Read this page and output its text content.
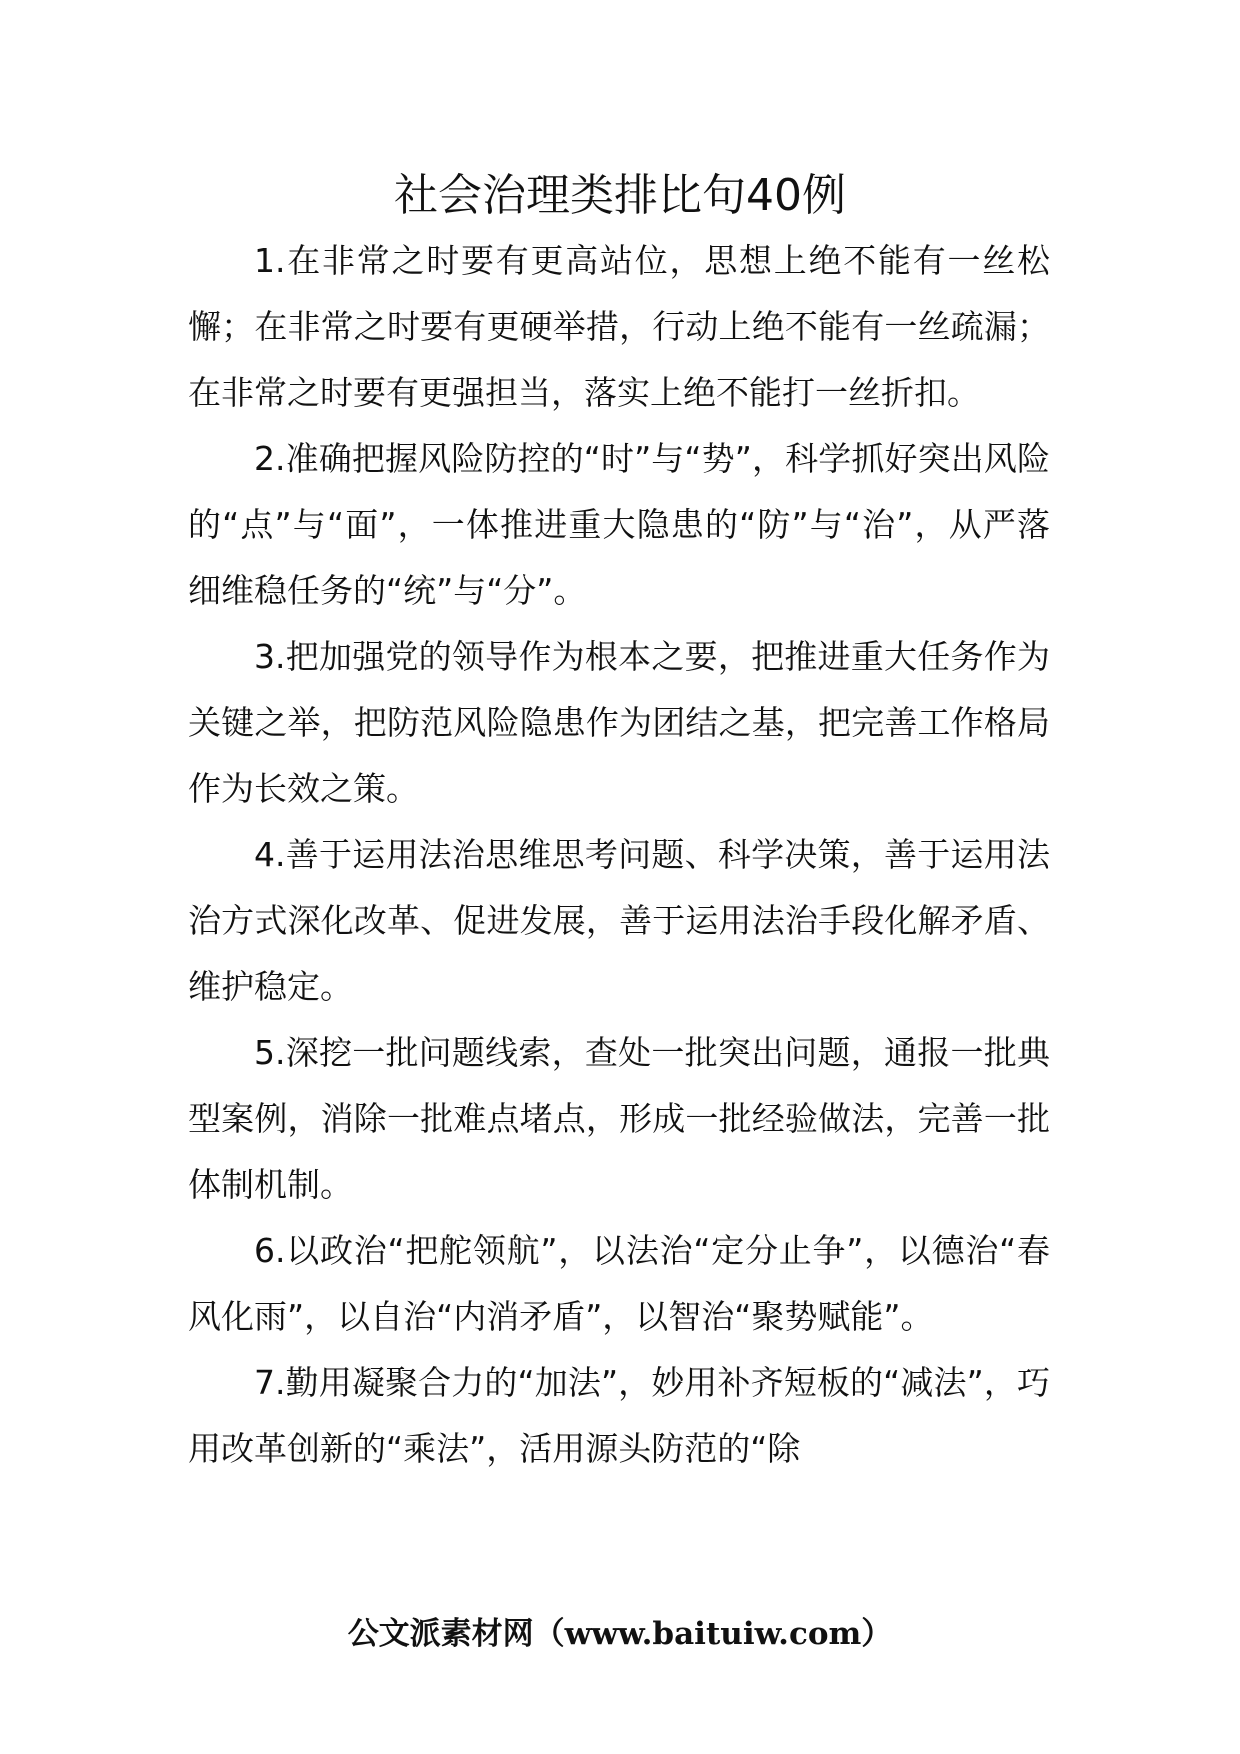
社会治理类排比句40例

1.在非常之时要有更高站位，思想上绝不能有一丝松懈；在非常之时要有更硬举措，行动上绝不能有一丝疏漏；在非常之时要有更强担当，落实上绝不能打一丝折扣。

2.准确把握风险防控的“时”与“势”，科学抓好突出风险的“点”与“面”，一体推进重大隐患的“防”与“治”，从严落细维稳任务的“统”与“分”。

3.把加强党的领导作为根本之要，把推进重大任务作为关键之举，把防范风险隐患作为团结之基，把完善工作格局作为长效之策。

4.善于运用法治思维思考问题、科学决策，善于运用法治方式深化改革、促进发展，善于运用法治手段化解矛盾、维护稳定。

5.深挖一批问题线索，查处一批突出问题，通报一批典型案例，消除一批难点堵点，形成一批经验做法，完善一批体制机制。

6.以政治“把舵领航”，以法治“定分止争”，以德治“春风化雨”，以自治“内消矛盾”，以智治“聚势赋能”。

7.勤用凝聚合力的“加法”，妙用补齐短板的“减法”，巧用改革创新的“乘法”，活用源头防范的“除

公文派素材网（www.baituiw.com）
